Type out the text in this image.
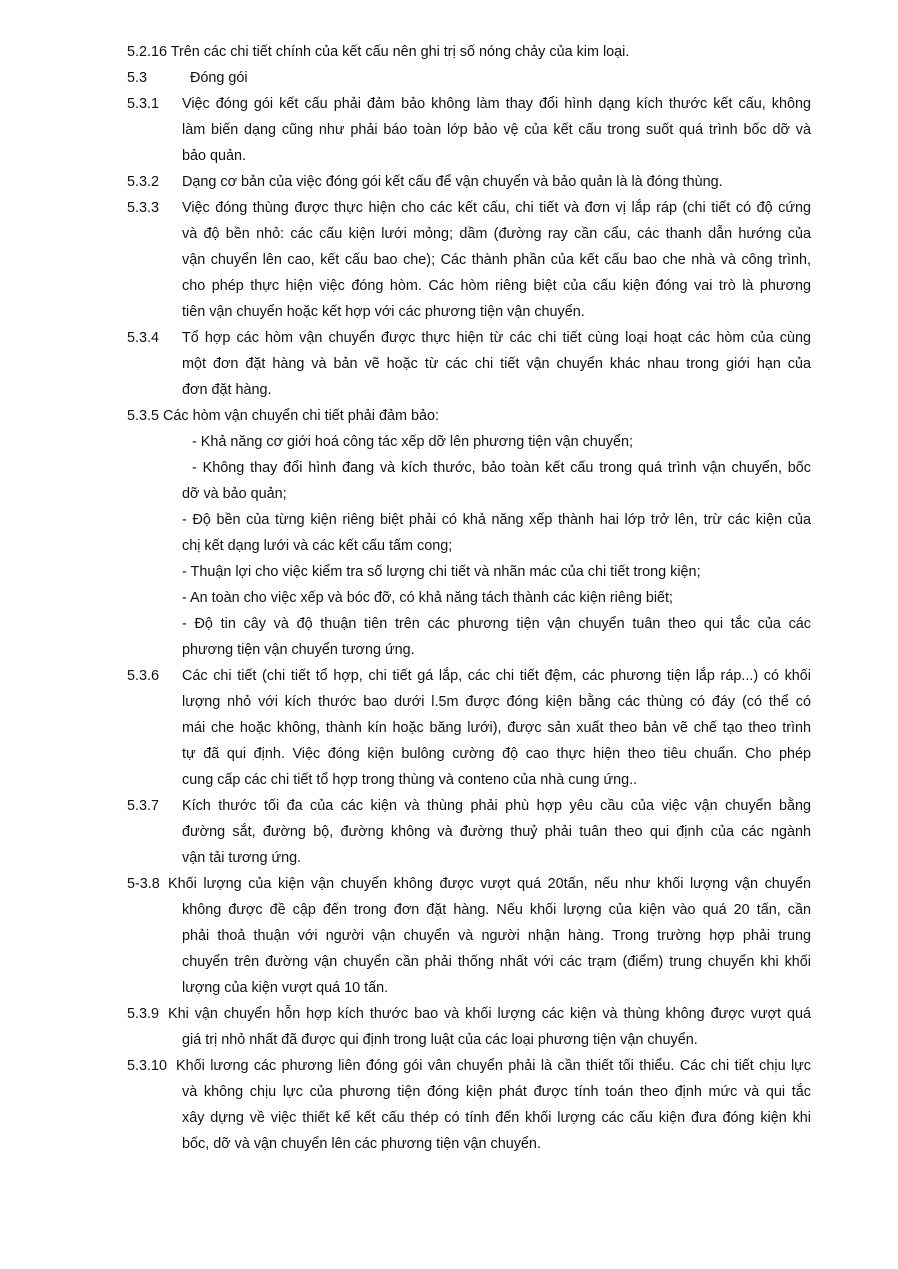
5.2.16 Trên các chi tiết chính của kết cấu nên ghi trị số nóng chảy của kim loại.
5.3	Đóng gói
5.3.1 Việc đóng gói kết cấu phải đảm bảo không làm thay đổi hình dạng kích thước kết cấu, không
làm biến dạng cũng như phải báo toàn lớp bảo vệ của kết cấu trong suốt quá trình bốc dỡ và
bảo quản.
5.3.2 Dạng cơ bản của việc đóng gói kết cấu để vận chuyển và bảo quản là là đóng thùng.
5.3.3 Việc đóng thùng được thực hiện cho các kết cấu, chi tiết và đơn vị lắp ráp (chi tiết có độ cứng
và độ bền nhỏ: các cấu kiện lưới mỏng; dầm (đường ray cần cẩu, các thanh dẫn hướng của
vận chuyển lên cao, kết cấu bao che); Các thành phần của kết cấu bao che nhà và công trình,
cho phép thực hiện việc đóng hòm. Các hòm riêng biệt của cấu kiện đóng vai trò là phương
tiên vận chuyển hoặc kết hợp với các phương tiện vận chuyển.
5.3.4 Tổ hợp các hòm vận chuyển được thực hiện từ các chi tiết cùng loại hoạt các hòm của cùng
một đơn đặt hàng và bản vẽ hoặc từ các chi tiết vận chuyển khác nhau trong giới hạn của
đơn đặt hàng.
5.3.5 Các hòm vận chuyển chi tiết phải đảm bảo:
- Khả năng cơ giới hoá công tác xếp dỡ lên phương tiện vận chuyển;
- Không thay đổi hình đang và kích thước, bảo toàn kết cấu trong quá trình vận chuyển, bốc
dỡ và bảo quản;
- Độ bền của từng kiện riêng biệt phải có khả năng xếp thành hai lớp trở lên, trừ các kiện của
chị kết dạng lưới và các kết cấu tấm cong;
- Thuận lợi cho việc kiểm tra số lượng chi tiết và nhãn mác của chi tiết trong kiện;
- An toàn cho việc xếp và bóc đỡ, có khả năng tách thành các kiện riêng biết;
- Độ tin cây và độ thuận tiên trên các phương tiện vận chuyển tuân theo qui tắc của các
phương tiện vận chuyển tương ứng.
5.3.6 Các chi tiết (chi tiết tổ hợp, chi tiết gá lắp, các chi tiết đệm, các phương tiện lắp ráp...) có khối
lượng nhỏ với kích thước bao dưới l.5m được đóng kiện bằng các thùng có đáy (có thể có
mái che hoặc không, thành kín hoặc băng lưới), được sản xuất theo bản vẽ chế tạo theo trình
tự đã qui định. Việc đóng kiện bulông cường độ cao thực hiện theo tiêu chuẩn. Cho phép
cung cấp các chi tiết tổ hợp trong thùng và conteno của nhà cung ứng..
5.3.7 Kích thước tối đa của các kiện và thùng phải phù hợp yêu cầu của việc vận chuyển bằng
đường sắt, đường bộ, đường không và đường thuỷ phải tuân theo qui định của các ngành
vận tải tương ứng.
5-3.8 Khối lượng của kiện vận chuyển không được vượt quá 20tấn, nếu như khối lượng vận chuyển
không được đề cập đến trong đơn đặt hàng. Nếu khối lượng của kiện vào quá 20 tấn, cần
phải thoả thuận với người vận chuyển và người nhận hàng. Trong trường hợp phải trung
chuyển trên đường vận chuyển cần phải thống nhất với các trạm (điểm) trung chuyển khi khối
lượng của kiện vượt quá 10 tấn.
5.3.9 Khi vận chuyển hỗn hợp kích thước bao và khối lượng các kiện và thùng không được vượt quá
giá trị nhỏ nhất đã được qui định trong luật của các loại phương tiện vận chuyển.
5.3.10 Khối lương các phương liên đóng gói vân chuyển phải là cần thiết tối thiểu. Các chi tiết chịu lực
và không chịu lực của phương tiện đóng kiện phát được tính toán theo định mức và qui tắc
xây dựng về việc thiết kế kết cấu thép có tính đến khối lượng các cấu kiện đưa đóng kiện khi
bốc, dỡ và vận chuyển lên các phương tiện vận chuyển.
